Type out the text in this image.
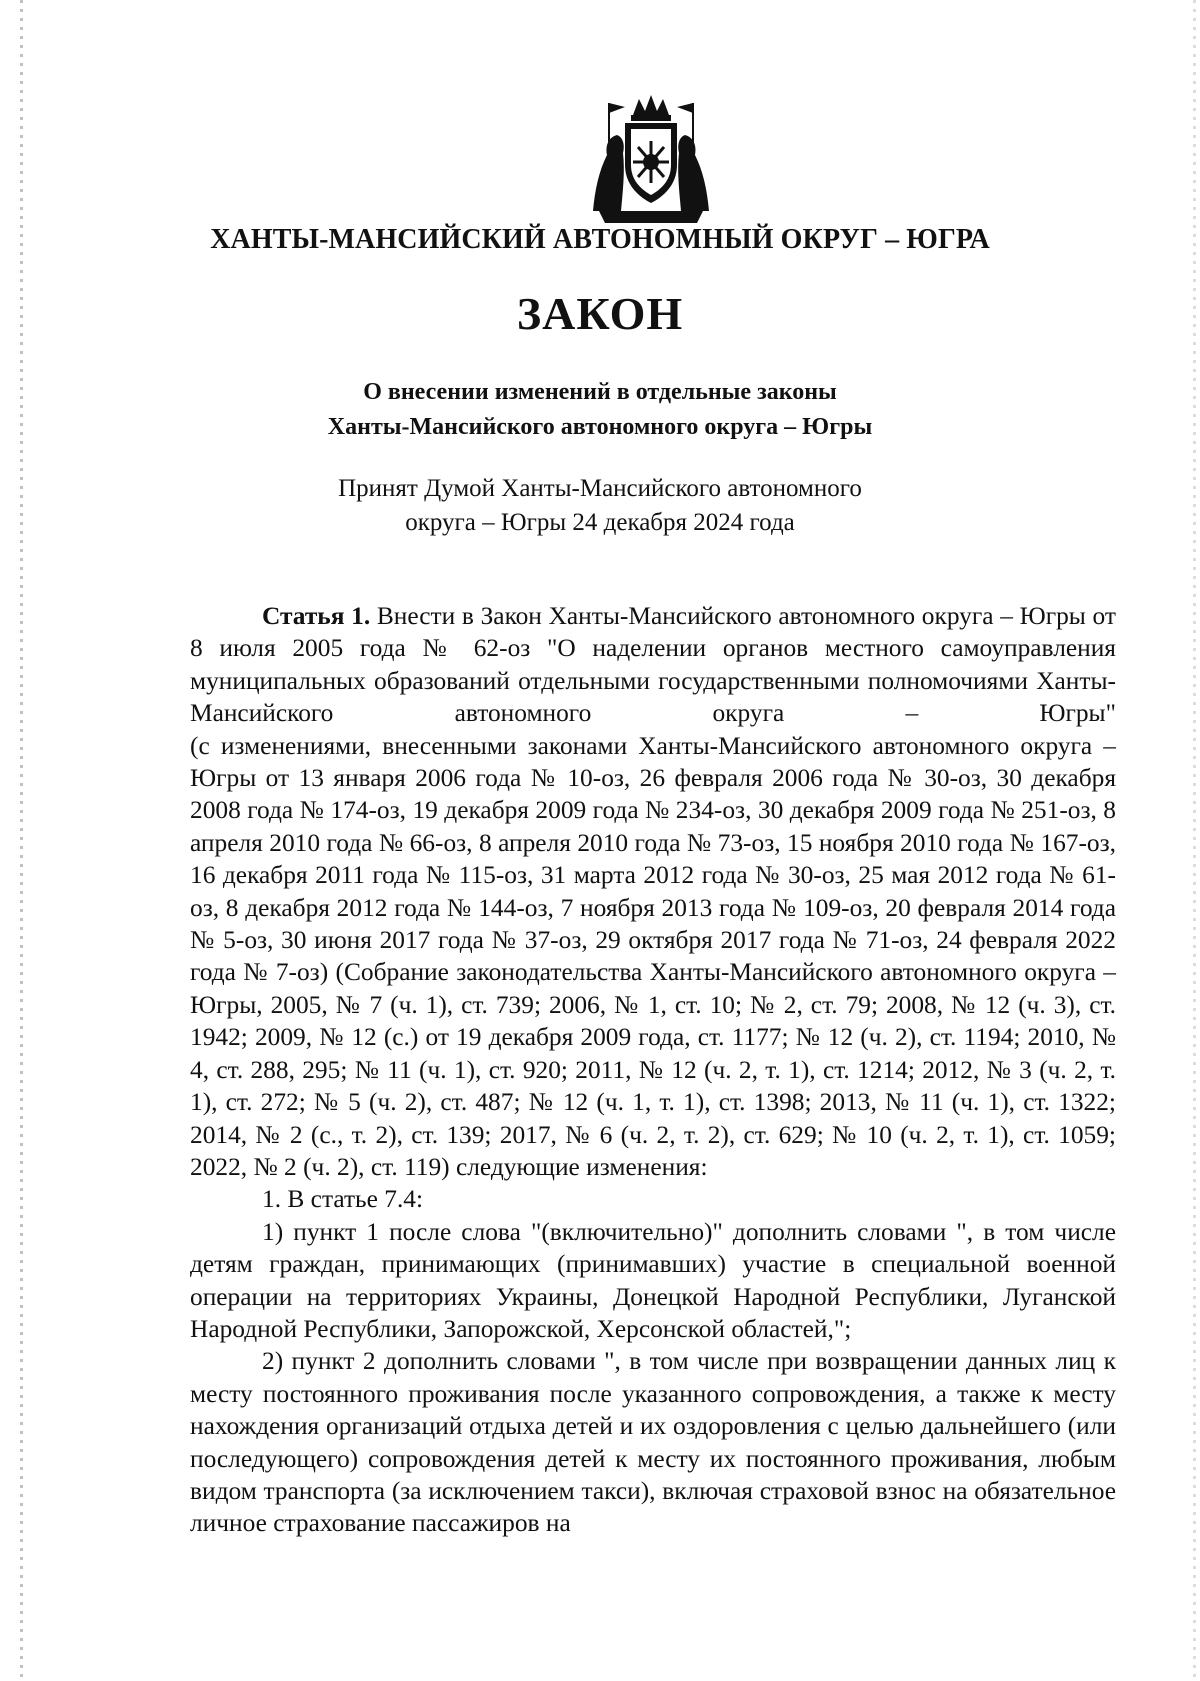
ХАНТЫ-МАНСИЙСКИЙ АВТОНОМНЫЙ ОКРУГ – ЮГРА
ЗАКОН
О внесении изменений в отдельные законы
Ханты-Мансийского автономного округа – Югры
Принят Думой Ханты-Мансийского автономного
округа – Югры 24 декабря 2024 года

Статья 1. Внести в Закон Ханты-Мансийского автономного округа – Югры от 8 июля 2005 года № 62-оз "О наделении органов местного самоуправления муниципальных образований отдельными государственными полномочиями Ханты-Мансийского автономного округа – Югры"

(с изменениями, внесенными законами Ханты-Мансийского автономного округа – Югры от 13 января 2006 года № 10-оз, 26 февраля 2006 года № 30-оз, 30 декабря 2008 года № 174-оз, 19 декабря 2009 года № 234-оз, 30 декабря 2009 года № 251-оз, 8 апреля 2010 года № 66-оз, 8 апреля 2010 года № 73-оз, 15 ноября 2010 года № 167-оз, 16 декабря 2011 года № 115-оз, 31 марта 2012 года № 30-оз, 25 мая 2012 года № 61-оз, 8 декабря 2012 года № 144-оз, 7 ноября 2013 года № 109-оз, 20 февраля 2014 года № 5-оз, 30 июня 2017 года № 37-оз, 29 октября 2017 года № 71-оз, 24 февраля 2022 года № 7-оз) (Собрание законодательства Ханты-Мансийского автономного округа – Югры, 2005, № 7 (ч. 1), ст. 739; 2006, № 1, ст. 10; № 2, ст. 79; 2008, № 12 (ч. 3), ст. 1942; 2009, № 12 (с.) от 19 декабря 2009 года, ст. 1177; № 12 (ч. 2), ст. 1194; 2010, № 4, ст. 288, 295; № 11 (ч. 1), ст. 920; 2011, № 12 (ч. 2, т. 1), ст. 1214; 2012, № 3 (ч. 2, т. 1), ст. 272; № 5 (ч. 2), ст. 487; № 12 (ч. 1, т. 1), ст. 1398; 2013, № 11 (ч. 1), ст. 1322; 2014, № 2 (с., т. 2), ст. 139; 2017, № 6 (ч. 2, т. 2), ст. 629; № 10 (ч. 2, т. 1), ст. 1059; 2022, № 2 (ч. 2), ст. 119) следующие изменения:

1. В статье 7.4:

1) пункт 1 после слова "(включительно)" дополнить словами ", в том числе детям граждан, принимающих (принимавших) участие в специальной военной операции на территориях Украины, Донецкой Народной Республики, Луганской Народной Республики, Запорожской, Херсонской областей,";

2) пункт 2 дополнить словами ", в том числе при возвращении данных лиц к месту постоянного проживания после указанного сопровождения, а также к месту нахождения организаций отдыха детей и их оздоровления с целью дальнейшего (или последующего) сопровождения детей к месту их постоянного проживания, любым видом транспорта (за исключением такси), включая страховой взнос на обязательное личное страхование пассажиров на
